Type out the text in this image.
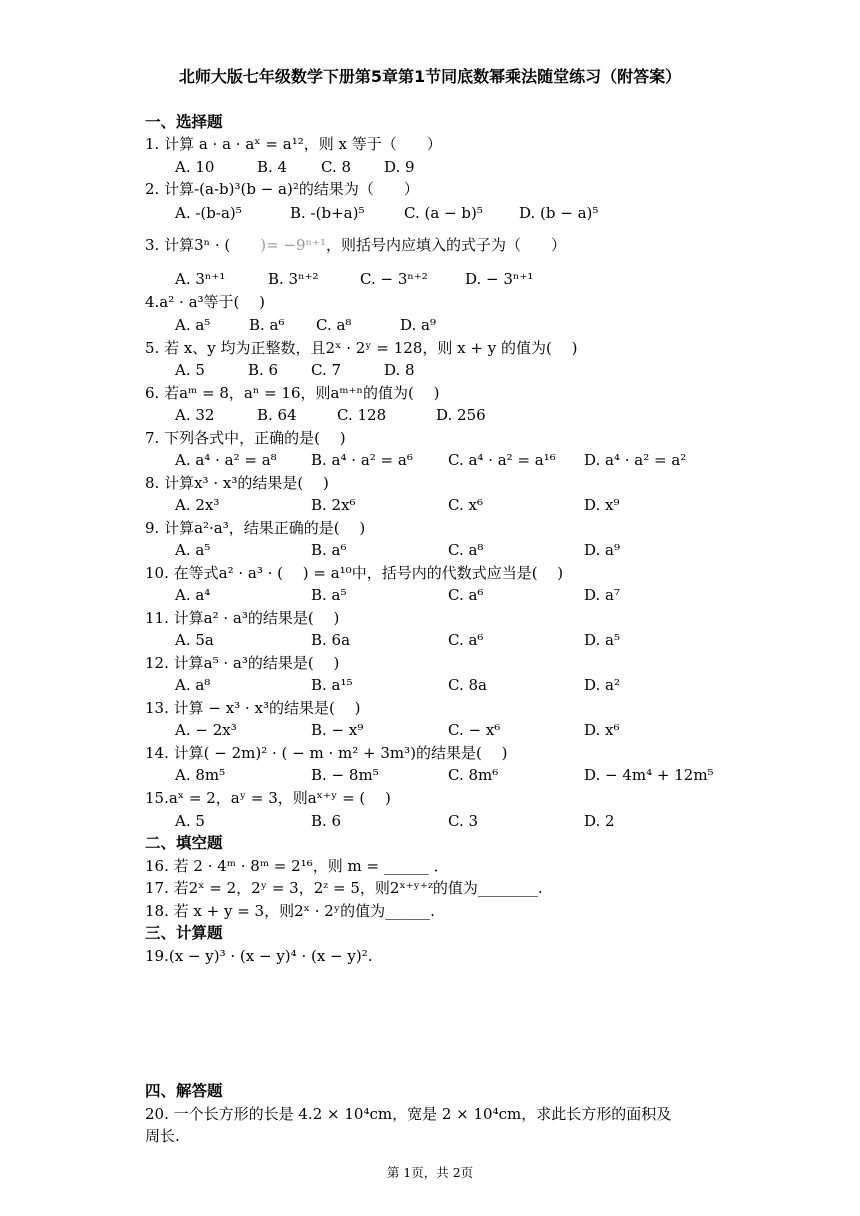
北师大版七年级数学下册第5章第1节同底数幂乘法随堂练习（附答案）
一、选择题
1. 计算 a · a · aˣ = a¹²，则 x 等于（　　）
A. 10	B. 4 C. 8 D. 9
2. 计算-(a-b)³(b − a)²的结果为（　　）
A. -(b-a)⁵	B. -(b+a)⁵	C. (a − b)⁵ D. (b − a)⁵
3. 计算3ⁿ · (　　)= −9ⁿ⁺¹，则括号内应填入的式子为（　　）
A. 3ⁿ⁺¹	B. 3ⁿ⁺²	C. − 3ⁿ⁺² D. − 3ⁿ⁺¹
4.a² · a³等于(　 )
A. a⁵	B. a⁶ C. a⁸	D. a⁹
5. 若 x、y 均为正整数，且2ˣ · 2ʸ = 128，则 x + y 的值为(　 )
A. 5	B. 6 C. 7	D. 8
6. 若aᵐ = 8，aⁿ = 16，则aᵐ⁺ⁿ的值为(　 )
A. 32	B. 64	C. 128	D. 256
7. 下列各式中，正确的是(　 )
A. a⁴ · a² = a⁸ B. a⁴ · a² = a⁶ C. a⁴ · a² = a¹⁶ D. a⁴ · a² = a²
8. 计算x³ · x³的结果是(　 )
A. 2x³	B. 2x⁶	C. x⁶	D. x⁹
9. 计算a²·a³，结果正确的是(　 )
A. a⁵	B. a⁶	C. a⁸	D. a⁹
10. 在等式a² · a³ · (　 ) = a¹⁰中，括号内的代数式应当是(　 )
A. a⁴	B. a⁵	C. a⁶	D. a⁷
11. 计算a² · a³的结果是(　 )
A. 5a	B. 6a	C. a⁶	D. a⁵
12. 计算a⁵ · a³的结果是(　 )
A. a⁸	B. a¹⁵	C. 8a	D. a²
13. 计算 − x³ · x³的结果是(　 )
A. − 2x³	B. − x⁹	C. − x⁶	D. x⁶
14. 计算( − 2m)² · ( − m · m² + 3m³)的结果是(　 )
A. 8m⁵	B. − 8m⁵	C. 8m⁶	D. − 4m⁴ + 12m⁵
15.aˣ = 2，aʸ = 3，则aˣ⁺ʸ = (　 )
A. 5	B. 6	C. 3	D. 2
二、填空题
16. 若 2 · 4ᵐ · 8ᵐ = 2¹⁶，则 m = ______ ．
17. 若2ˣ = 2，2ʸ = 3，2ᶻ = 5，则2ˣ⁺ʸ⁺ᶻ的值为________.
18. 若 x + y = 3，则2ˣ · 2ʸ的值为______.
三、计算题
19.(x − y)³ · (x − y)⁴ · (x − y)².
四、解答题
20. 一个长方形的长是 4.2 × 10⁴cm，宽是 2 × 10⁴cm，求此长方形的面积及
周长.
第 1页，共 2页
